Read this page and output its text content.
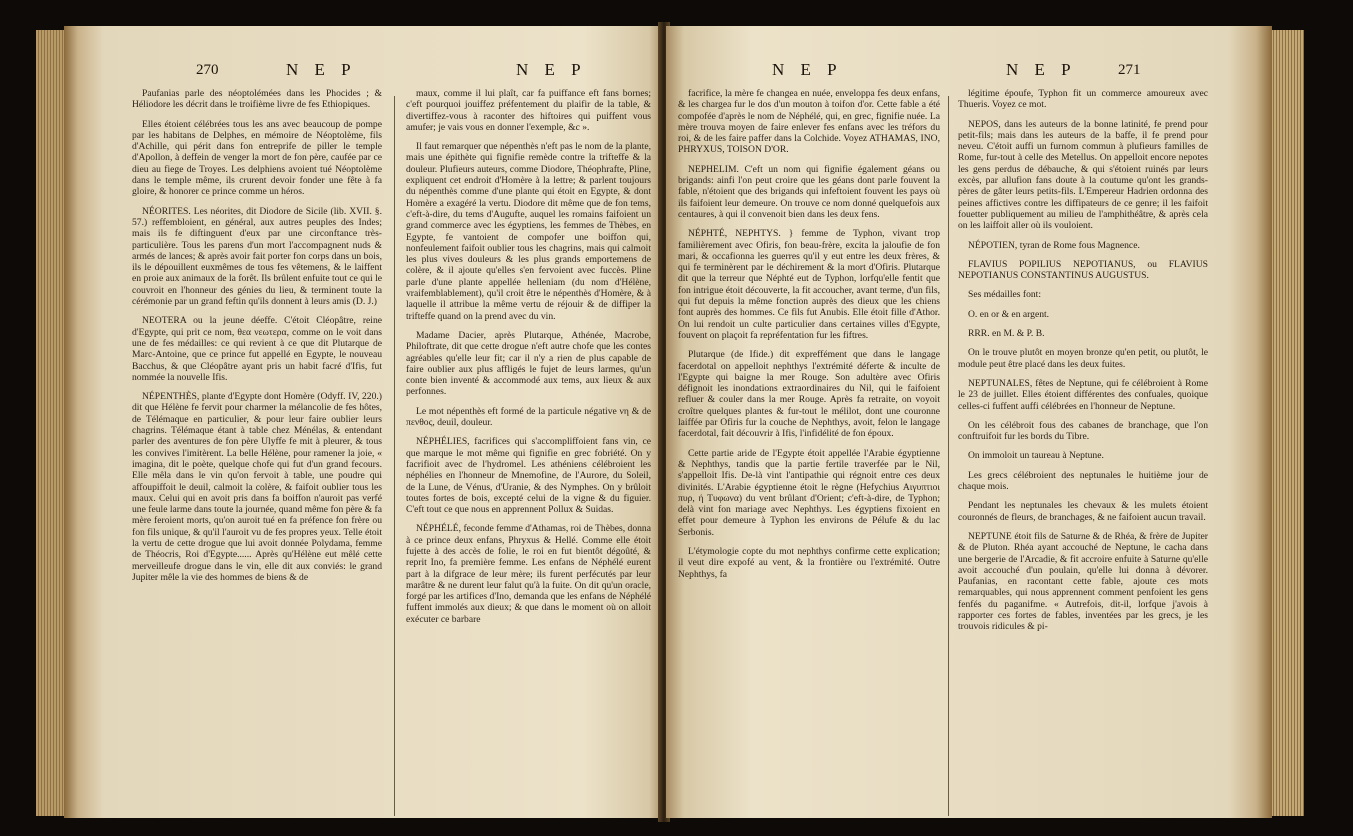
270	N E P	N E P

Paufanias parle des néoptolémées dans les Phocides ; & Héliodore les décrit dans le troifième livre de fes Ethiopiques.

Elles étoient célébrées tous les ans avec beaucoup de pompe par les habitans de Delphes, en mémoire de Néoptolème, fils d'Achille, qui périt dans fon entreprife de piller le temple d'Apollon, à deffein de venger la mort de fon père, caufée par ce dieu au fiege de Troyes. Les delphiens avoient tué Néoptolème dans le temple même, ils crurent devoir fonder une fête à fa gloire, & honorer ce prince comme un héros.

NÉORITES. Les néorites, dit Diodore de Sicile (lib. XVII. §. 57.) reffembloient, en général, aux autres peuples des Indes; mais ils fe diftinguent d'eux par une circonftance très-particulière. Tous les parens d'un mort l'accompagnent nuds & armés de lances; & après avoir fait porter fon corps dans un bois, ils le dépouillent euxmêmes de tous fes vêtemens, & le laiffent en proie aux animaux de la forêt. Ils brûlent enfuite tout ce qui le couvroit en l'honneur des génies du lieu, & terminent toute la cérémonie par un grand feftin qu'ils donnent à leurs amis (D. J.)

NEOTERA ou la jeune déeffe. C'étoit Cléopâtre, reine d'Egypte, qui prit ce nom, θεα νεωτερα, comme on le voit dans une de fes médailles: ce qui revient à ce que dit Plutarque de Marc-Antoine, que ce prince fut appellé en Egypte, le nouveau Bacchus, & que Cléopâtre ayant pris un habit facré d'Ifis, fut nommée la nouvelle Ifis.

NÉPENTHÈS, plante d'Egypte dont Homère (Odyff. IV, 220.) dit que Hélène fe fervit pour charmer la mélancolie de fes hôtes, de Télémaque en particulier, & pour leur faire oublier leurs chagrins. Télémaque étant à table chez Ménélas, & entendant parler des aventures de fon père Ulyffe fe mit à pleurer, & tous les convives l'imitèrent. La belle Hélène, pour ramener la joie, « imagina, dit le poète, quelque chofe qui fut d'un grand fecours. Elle mêla dans le vin qu'on fervoit à table, une poudre qui affoupiffoit le deuil, calmoit la colère, & faifoit oublier tous les maux. Celui qui en avoit pris dans fa boiffon n'auroit pas verfé une feule larme dans toute la journée, quand même fon père & fa mère feroient morts, qu'on auroit tué en fa préfence fon frère ou fon fils unique, & qu'il l'auroit vu de fes propres yeux. Telle étoit la vertu de cette drogue que lui avoit donnée Polydama, femme de Théocris, Roi d'Egypte...... Après qu'Hélène eut mêlé cette merveilleufe drogue dans le vin, elle dit aux conviés: le grand Jupiter mêle la vie des hommes de biens & de

maux, comme il lui plaît, car fa puiffance eft fans bornes; c'eft pourquoi jouiffez préfentement du plaifir de la table, & divertiffez-vous à raconter des hiftoires qui puiffent vous amufer; je vais vous en donner l'exemple, &c ».

Il faut remarquer que népenthès n'eft pas le nom de la plante, mais une épithète qui fignifie remède contre la trifteffe & la douleur. Plufieurs auteurs, comme Diodore, Théophrafte, Pline, expliquent cet endroit d'Homère à la lettre; & parlent toujours du népenthès comme d'une plante qui étoit en Egypte, & dont Homère a exagéré la vertu. Diodore dit même que de fon tems, c'eft-à-dire, du tems d'Augufte, auquel les romains faifoient un grand commerce avec les égyptiens, les femmes de Thèbes, en Egypte, fe vantoient de compofer une boiffon qui, nonfeulement faifoit oublier tous les chagrins, mais qui calmoit les plus vives douleurs & les plus grands emportemens de colère, & il ajoute qu'elles s'en fervoient avec fuccès. Pline parle d'une plante appellée helleniam (du nom d'Hélène, vraifemblablement), qu'il croit être le népenthès d'Homère, & à laquelle il attribue la même vertu de réjouir & de diffiper la trifteffe quand on la prend avec du vin.

Madame Dacier, après Plutarque, Athénée, Macrobe, Philoftrate, dit que cette drogue n'eft autre chofe que les contes agréables qu'elle leur fit; car il n'y a rien de plus capable de faire oublier aux plus affligés le fujet de leurs larmes, qu'un conte bien inventé & accommodé aux tems, aux lieux & aux perfonnes.

Le mot népenthès eft formé de la particule négative νη & de πενθος, deuil, douleur.

NÉPHÉLIES, facrifices qui s'accompliffoient fans vin, ce que marque le mot même qui fignifie en grec fobriété. On y facrifioit avec de l'hydromel. Les athéniens célébroient les néphélies en l'honneur de Mnemofine, de l'Aurore, du Soleil, de la Lune, de Vénus, d'Uranie, & des Nymphes. On y brûloit toutes fortes de bois, excepté celui de la vigne & du figuier. C'eft tout ce que nous en apprennent Pollux & Suidas.

NÉPHÉLÉ, feconde femme d'Athamas, roi de Thèbes, donna à ce prince deux enfans, Phryxus & Hellé. Comme elle étoit fujette à des accès de folie, le roi en fut bientôt dégoûté, & reprit Ino, fa première femme. Les enfans de Néphélé eurent part à la difgrace de leur mère; ils furent perfécutés par leur marâtre & ne durent leur falut qu'à la fuite. On dit qu'un oracle, forgé par les artifices d'Ino, demanda que les enfans de Néphélé fuffent immolés aux dieux; & que dans le moment où on alloit exécuter ce barbare

N E P	N E P	271

facrifice, la mère fe changea en nuée, enveloppa fes deux enfans, & les chargea fur le dos d'un mouton à toifon d'or. Cette fable a été compofée d'après le nom de Néphélé, qui, en grec, fignifie nuée. La mère trouva moyen de faire enlever fes enfans avec les tréfors du roi, & de les faire paffer dans la Colchide. Voyez ATHAMAS, INO, PHRYXUS, TOISON D'OR.

NEPHELIM. C'eft un nom qui fignifie également géans ou brigands: ainfi l'on peut croire que les géans dont parle fouvent la fable, n'étoient que des brigands qui infeftoient fouvent les pays où ils faifoient leur demeure. On trouve ce nom donné quelquefois aux centaures, à qui il convenoit bien dans les deux fens.

NÉPHTÉ, NEPHTYS. } femme de Typhon, vivant trop familièrement avec Ofiris, fon beau-frère, excita la jaloufie de fon mari, & occafionna les guerres qu'il y eut entre les deux frères, & qui fe terminèrent par le déchirement & la mort d'Ofiris. Plutarque dit que la terreur que Néphté eut de Typhon, lorfqu'elle fentit que fon intrigue étoit découverte, la fit accoucher, avant terme, d'un fils, qui fut depuis la même fonction auprès des dieux que les chiens font auprès des hommes. Ce fils fut Anubis. Elle étoit fille d'Athor. On lui rendoit un culte particulier dans certaines villes d'Egypte, fouvent on plaçoit fa repréfentation fur les fiftres.

Plutarque (de Ifide.) dit expreffément que dans le langage facerdotal on appelloit nephthys l'extrémité déferte & inculte de l'Egypte qui baigne la mer Rouge. Son adultère avec Ofiris défignoit les inondations extraordinaires du Nil, qui le faifoient refluer & couler dans la mer Rouge. Après fa retraite, on voyoit croître quelques plantes & fur-tout le mélilot, dont une couronne laiffée par Ofiris fur la couche de Nephthys, avoit, felon le langage facerdotal, fait découvrir à Ifis, l'infidélité de fon époux.

Cette partie aride de l'Egypte étoit appellée l'Arabie égyptienne & Nephthys, tandis que la partie fertile traverfée par le Nil, s'appelloit Ifis. De-là vint l'antipathie qui régnoit entre ces deux divinités. L'Arabie égyptienne étoit le règne (Hefychius Αιγυπτιοι πυρ, ή Τυφωνα) du vent brûlant d'Orient; c'eft-à-dire, de Typhon; delà vint fon mariage avec Nephthys. Les égyptiens fixoient en effet pour demeure à Typhon les environs de Pélufe & du lac Serbonis.

L'étymologie copte du mot nephthys confirme cette explication; il veut dire expofé au vent, & la frontière ou l'extrémité. Outre Nephthys, fa

légitime époufe, Typhon fit un commerce amoureux avec Thueris. Voyez ce mot.

NEPOS, dans les auteurs de la bonne latinité, fe prend pour petit-fils; mais dans les auteurs de la baffe, il fe prend pour neveu. C'étoit auffi un furnom commun à plufieurs familles de Rome, fur-tout à celle des Metellus. On appelloit encore nepotes les gens perdus de débauche, & qui s'étoient ruinés par leurs excès, par allufion fans doute à la coutume qu'ont les grands-pères de gâter leurs petits-fils. L'Empereur Hadrien ordonna des peines affictives contre les diffipateurs de ce genre; il les faifoit fouetter publiquement au milieu de l'amphithéâtre, & après cela on les laiffoit aller où ils vouloient.

NÉPOTIEN, tyran de Rome fous Magnence.

FLAVIUS POPILIUS NEPOTIANUS, ou FLAVIUS NEPOTIANUS CONSTANTINUS AUGUSTUS.

Ses médailles font:

O. en or & en argent.

RRR. en M. & P. B.

On le trouve plutôt en moyen bronze qu'en petit, ou plutôt, le module peut être placé dans les deux fuites.

NEPTUNALES, fêtes de Neptune, qui fe célébroient à Rome le 23 de juillet. Elles étoient différentes des confuales, quoique celles-ci fuffent auffi célébrées en l'honneur de Neptune.

On les célébroit fous des cabanes de branchage, que l'on conftruifoit fur les bords du Tibre.

On immoloit un taureau à Neptune.

Les grecs célébroient des neptunales le huitième jour de chaque mois.

Pendant les neptunales les chevaux & les mulets étoient couronnés de fleurs, de branchages, & ne faifoient aucun travail.

NEPTUNE étoit fils de Saturne & de Rhéa, & frère de Jupiter & de Pluton. Rhéa ayant accouché de Neptune, le cacha dans une bergerie de l'Arcadie, & fit accroire enfuite à Saturne qu'elle avoit accouché d'un poulain, qu'elle lui donna à dévorer. Paufanias, en racontant cette fable, ajoute ces mots remarquables, qui nous apprennent comment penfoient les gens fenfés du paganifme. « Autrefois, dit-il, lorfque j'avois à rapporter ces fortes de fables, inventées par les grecs, je les trouvois ridicules & pi-
